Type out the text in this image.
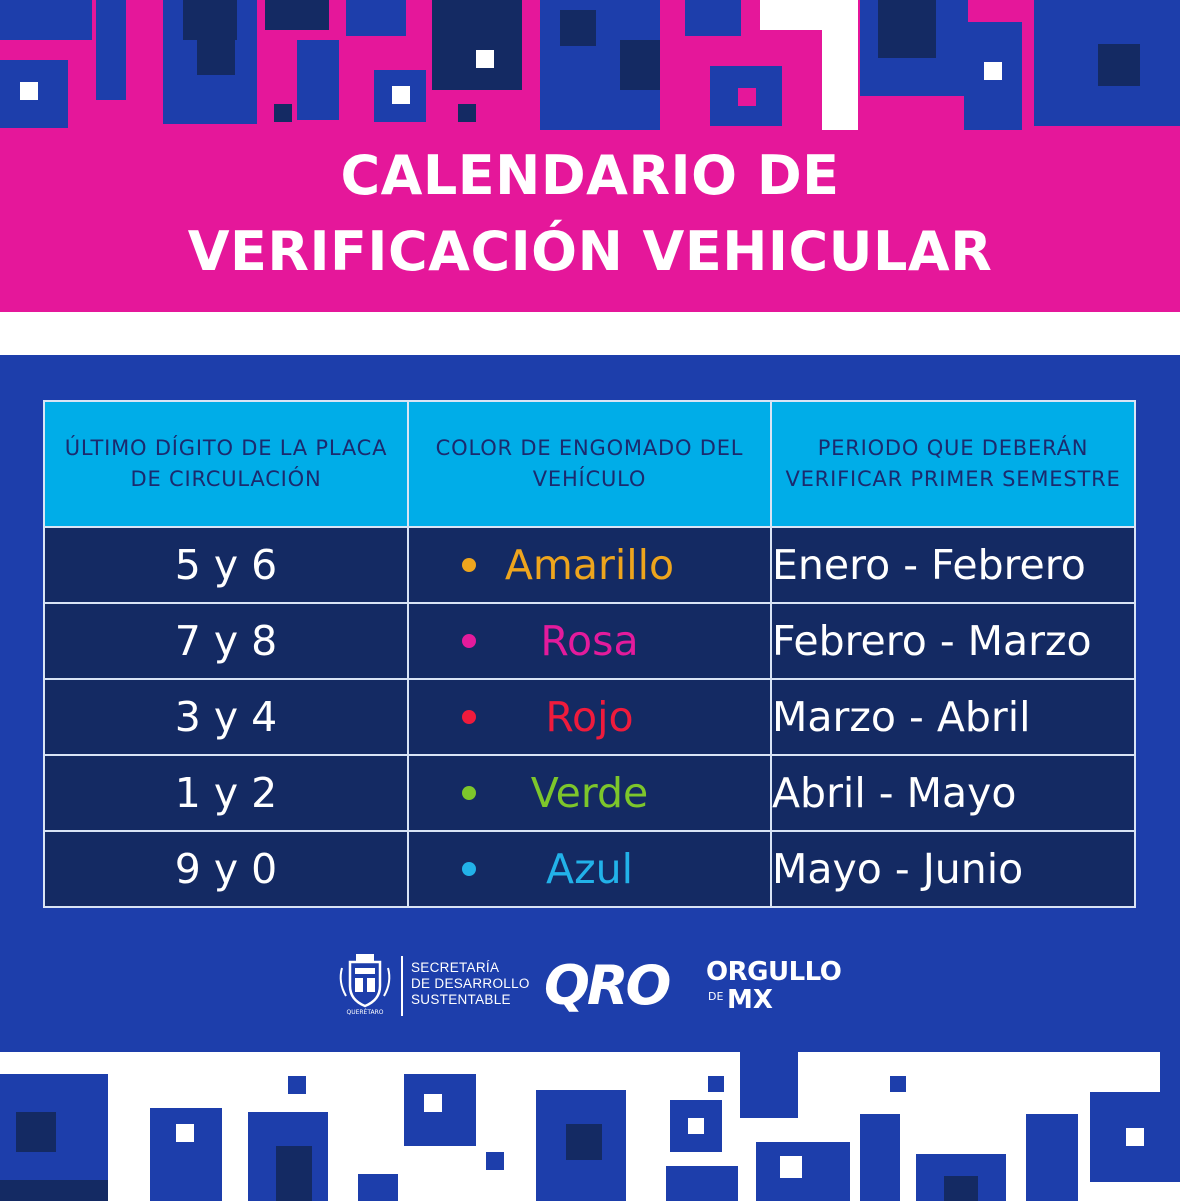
CALENDARIO DE
VERIFICACIÓN VEHICULAR
ÚLTIMO DÍGITO DE LA PLACA DE CIRCULACIÓN	COLOR DE ENGOMADO DEL VEHÍCULO	PERIODO QUE DEBERÁN VERIFICAR PRIMER SEMESTRE
5 y 6	Amarillo	Enero - Febrero
7 y 8	Rosa	Febrero - Marzo
3 y 4	Rojo	Marzo - Abril
1 y 2	Verde	Abril - Mayo
9 y 0	Azul	Mayo - Junio
QUERÉTARO
SECRETARÍA
DE DESARROLLO
SUSTENTABLE QRO ORGULLO
DE MX
